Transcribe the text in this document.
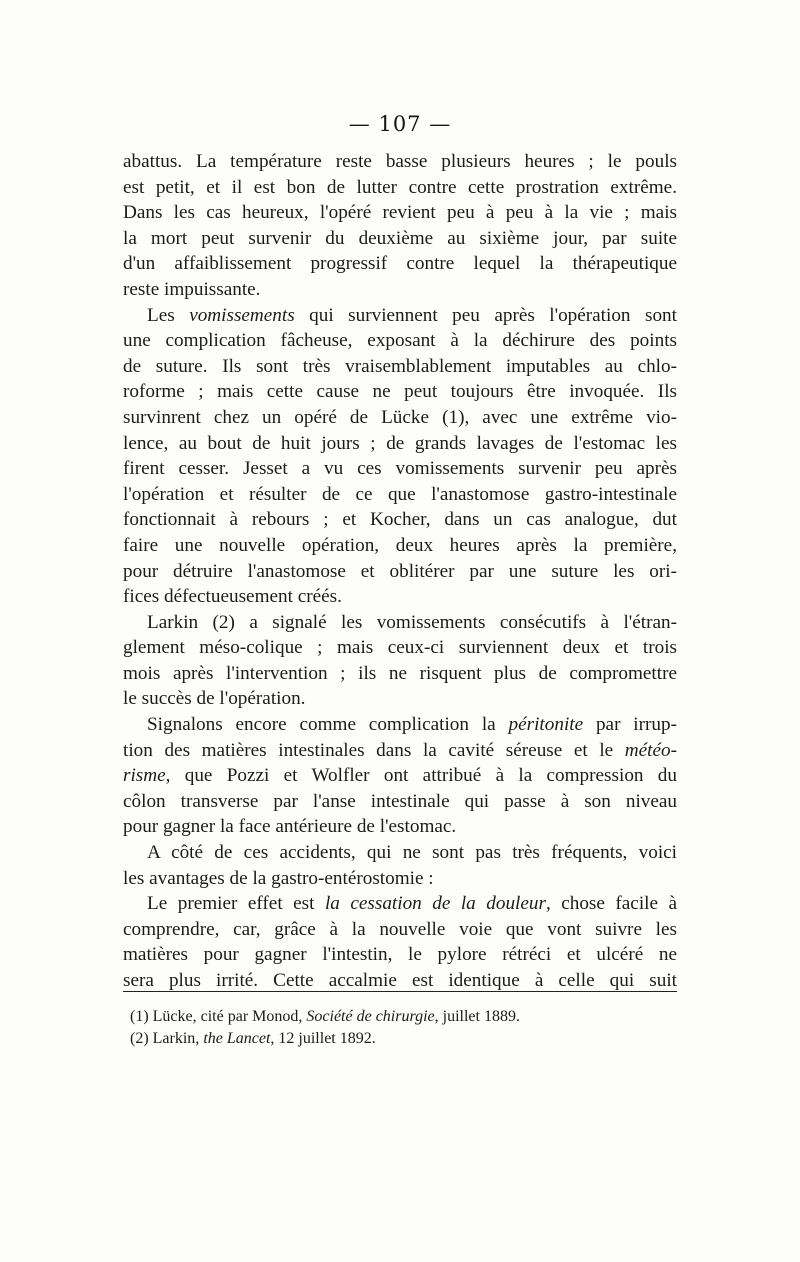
— 107 —
abattus. La température reste basse plusieurs heures ; le pouls
est petit, et il est bon de lutter contre cette prostration extrême.
Dans les cas heureux, l'opéré revient peu à peu à la vie ; mais
la mort peut survenir du deuxième au sixième jour, par suite
d'un affaiblissement progressif contre lequel la thérapeutique
reste impuissante.
Les vomissements qui surviennent peu après l'opération sont
une complication fâcheuse, exposant à la déchirure des points
de suture. Ils sont très vraisemblablement imputables au chlo-
roforme ; mais cette cause ne peut toujours être invoquée. Ils
survinrent chez un opéré de Lücke (1), avec une extrême vio-
lence, au bout de huit jours ; de grands lavages de l'estomac les
firent cesser. Jesset a vu ces vomissements survenir peu après
l'opération et résulter de ce que l'anastomose gastro-intestinale
fonctionnait à rebours ; et Kocher, dans un cas analogue, dut
faire une nouvelle opération, deux heures après la première,
pour détruire l'anastomose et oblitérer par une suture les ori-
fices défectueusement créés.
Larkin (2) a signalé les vomissements consécutifs à l'étran-
glement méso-colique ; mais ceux-ci surviennent deux et trois
mois après l'intervention ; ils ne risquent plus de compromettre
le succès de l'opération.
Signalons encore comme complication la péritonite par irrup-
tion des matières intestinales dans la cavité séreuse et le météo-
risme, que Pozzi et Wolfler ont attribué à la compression du
côlon transverse par l'anse intestinale qui passe à son niveau
pour gagner la face antérieure de l'estomac.
A côté de ces accidents, qui ne sont pas très fréquents, voici
les avantages de la gastro-entérostomie :
Le premier effet est la cessation de la douleur, chose facile à
comprendre, car, grâce à la nouvelle voie que vont suivre les
matières pour gagner l'intestin, le pylore rétréci et ulcéré ne
sera plus irrité. Cette accalmie est identique à celle qui suit
(1) Lücke, cité par Monod, Société de chirurgie, juillet 1889.
(2) Larkin, the Lancet, 12 juillet 1892.
